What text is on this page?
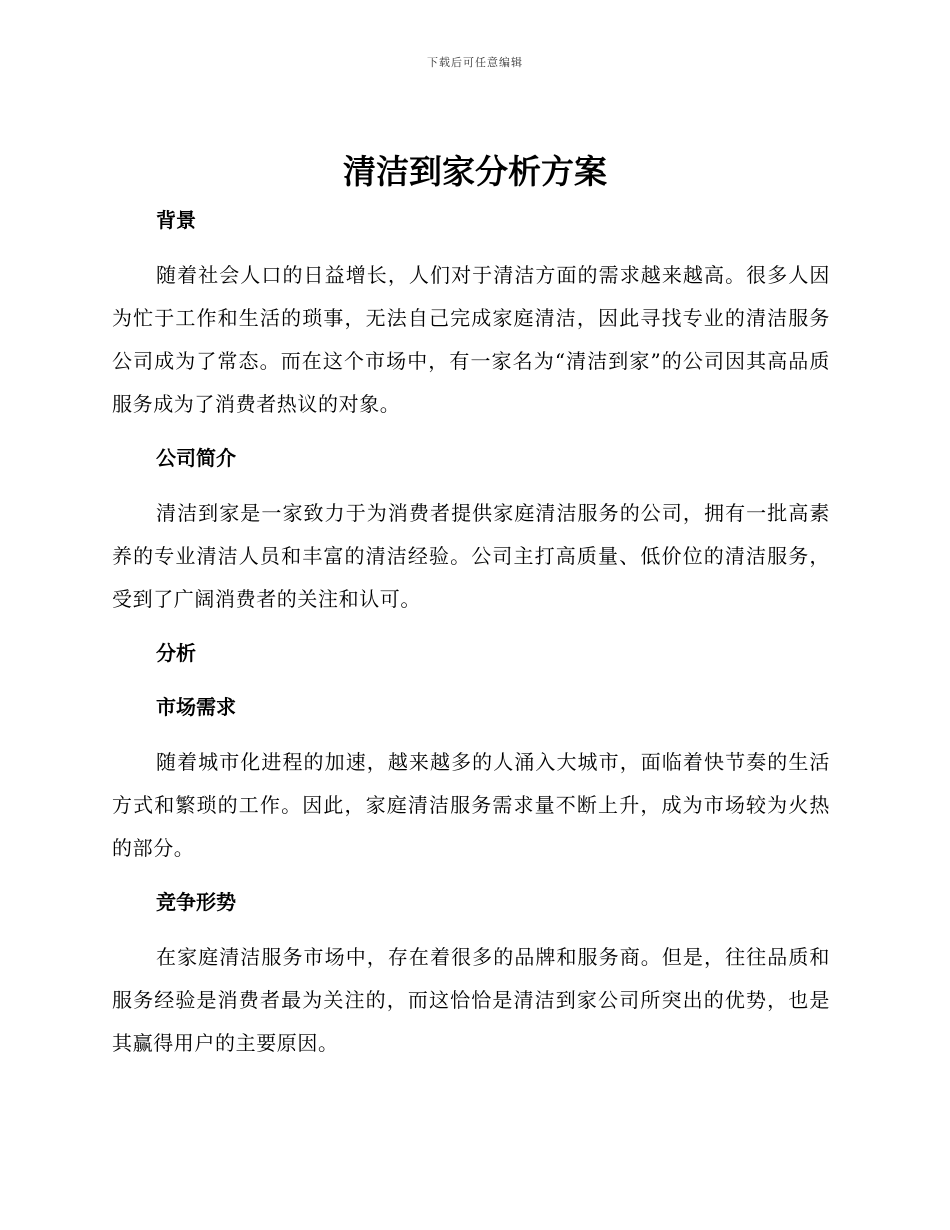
下载后可任意编辑
清洁到家分析方案
背景

随着社会人口的日益增长，人们对于清洁方面的需求越来越高。很多人因为忙于工作和生活的琐事，无法自己完成家庭清洁，因此寻找专业的清洁服务公司成为了常态。而在这个市场中，有一家名为“清洁到家”的公司因其高品质服务成为了消费者热议的对象。

公司简介

清洁到家是一家致力于为消费者提供家庭清洁服务的公司，拥有一批高素养的专业清洁人员和丰富的清洁经验。公司主打高质量、低价位的清洁服务，受到了广阔消费者的关注和认可。

分析
市场需求

随着城市化进程的加速，越来越多的人涌入大城市，面临着快节奏的生活方式和繁琐的工作。因此，家庭清洁服务需求量不断上升，成为市场较为火热的部分。

竞争形势

在家庭清洁服务市场中，存在着很多的品牌和服务商。但是，往往品质和服务经验是消费者最为关注的，而这恰恰是清洁到家公司所突出的优势，也是其赢得用户的主要原因。
